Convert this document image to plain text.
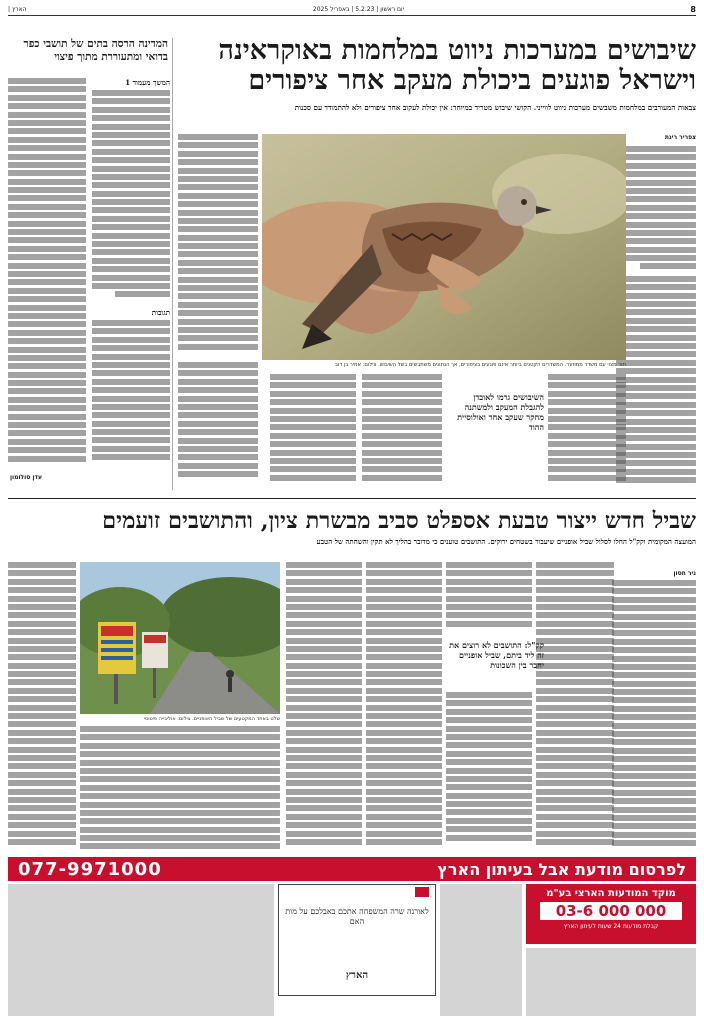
8
יום ראשון | 5.2.23 | באפריל 2025
הארץ |
שיבושים במערכות ניווט במלחמות באוקראינה וישראל פוגעים ביכולת מעקב אחר ציפורים
צבאות המעורבים במלחמות משבשים מערכות ניווט לווייני. הקושי שיבוש מטריד במיוחד: אין יכולת לעקוב אחר ציפורים ולא להתמודד עם סכנות
צפריר רינת
תור מצוי עם משדר ממוזער. המשדרים הקטנים ביותר אינם פוגעים בציפורים, אך הנתונים משתבשים בשל השיבוש. צילום: אמיר בן דוב
השיבושים גרמו לאובדן להגבלת המעקב ולמשתנה מחקר שעקב אחר ואולוסיית ההוד
המדינה הרסה בתים של תושבי כפר בדואי ומתעוררת מתוך פיצוי
המשך מעמוד 1
תגובות
עדן סולומון
שביל חדש ייצור טבעת אספלט סביב מבשרת ציון, והתושבים זועמים
המועצה המקומית וקק"ל החלו לסלול שביל אופניים שיעבור בשטחים ירוקים. התושבים טוענים כי מדובר בהליך לא תקין והשחתה של הטבע
ניר חסון
קק"ל: התושבים לא רוצים את זה ליד ביתם, שביל אופניים יחבר בין השכונות
שלט באחד המקטעים של שביל האופניים. צילום: אוליבייה פיטוסי
077-9971000	לפרסום מודעת אבל בעיתון הארץ
מוקד המודעות הארצי בע"מ
03-6 000 000
קבלת מודעות 24 שעות לעיתון הארץ
לאורנה שרה המשפחה אתכם באבלכם על מות האם
הארץ
